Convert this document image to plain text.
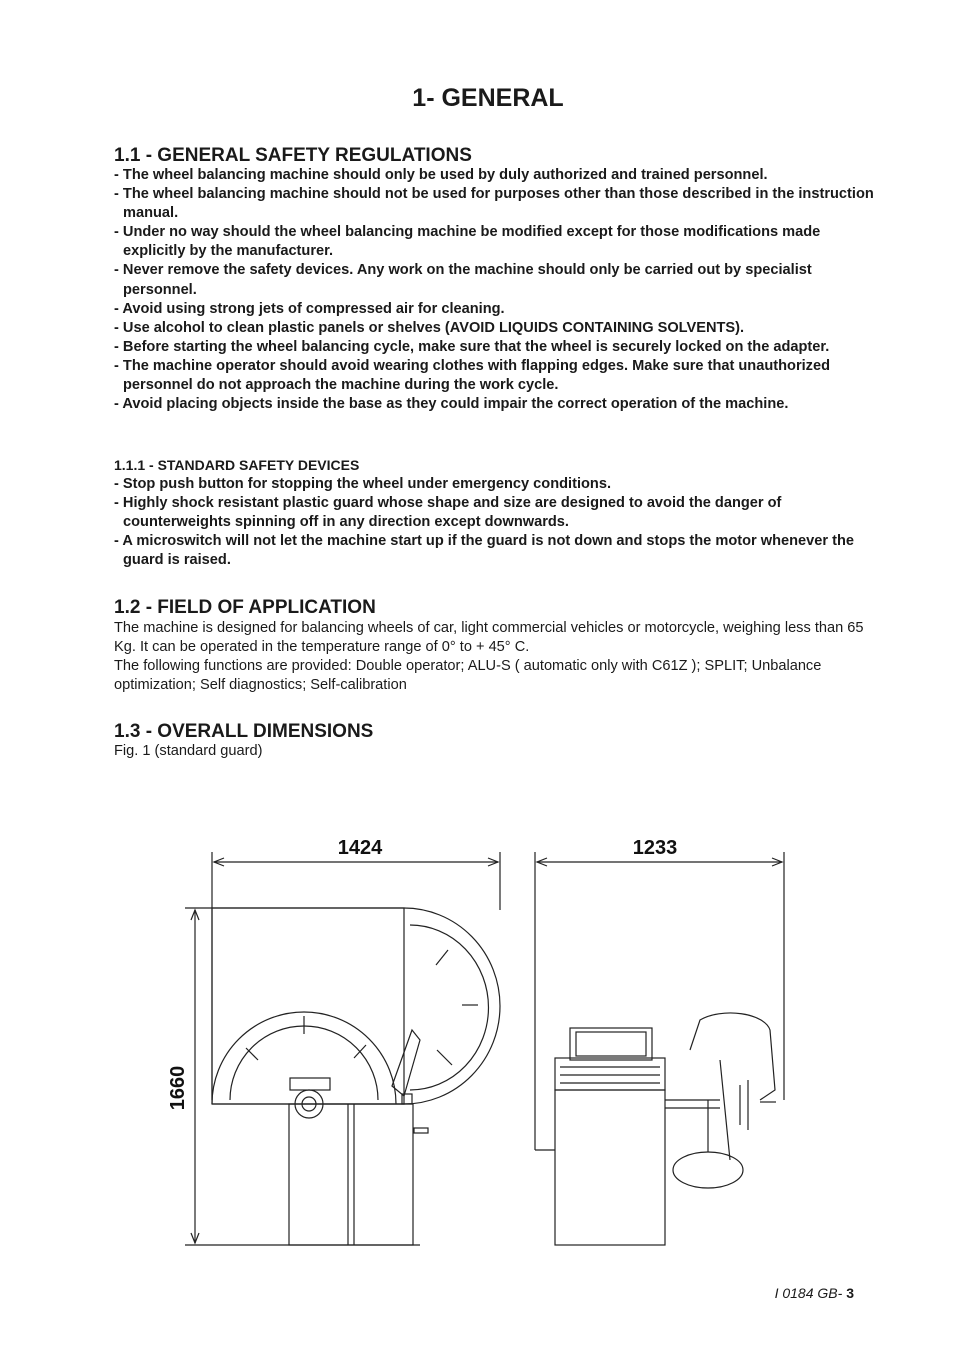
1- GENERAL
1.1 - GENERAL SAFETY REGULATIONS
- The wheel balancing machine should only be used by duly authorized and trained personnel.
- The wheel balancing machine should not be used for purposes other than those described in the instruction manual.
- Under no way should the wheel balancing machine be modified except for those modifications made explicitly by the manufacturer.
- Never remove the safety devices. Any work on the machine should only be carried out by specialist personnel.
- Avoid using strong jets of compressed air for cleaning.
- Use alcohol to clean plastic panels or shelves (AVOID LIQUIDS CONTAINING SOLVENTS).
- Before starting the wheel balancing cycle, make sure that the wheel is securely locked on the adapter.
- The machine operator should avoid wearing clothes with flapping edges. Make sure that unauthorized personnel do not approach the machine during the work cycle.
- Avoid placing objects inside the base as they could impair the correct operation of the machine.
1.1.1 - STANDARD SAFETY DEVICES
- Stop push button for stopping the wheel under emergency conditions.
- Highly shock resistant plastic guard whose shape and size are designed to avoid the danger of counterweights spinning off in any direction except downwards.
- A microswitch will not let the machine start up if the guard is not down and stops the motor whenever the guard is raised.
1.2 - FIELD OF APPLICATION
The machine is designed for balancing wheels of car, light commercial vehicles or motorcycle, weighing less than 65 Kg. It can be operated in the temperature range of 0° to + 45° C.
The following functions are provided: Double operator; ALU-S ( automatic only with C61Z ); SPLIT; Unbalance optimization; Self diagnostics; Self-calibration
1.3 - OVERALL DIMENSIONS
Fig. 1 (standard guard)
1424	1233
1660
I 0184 GB- 3
